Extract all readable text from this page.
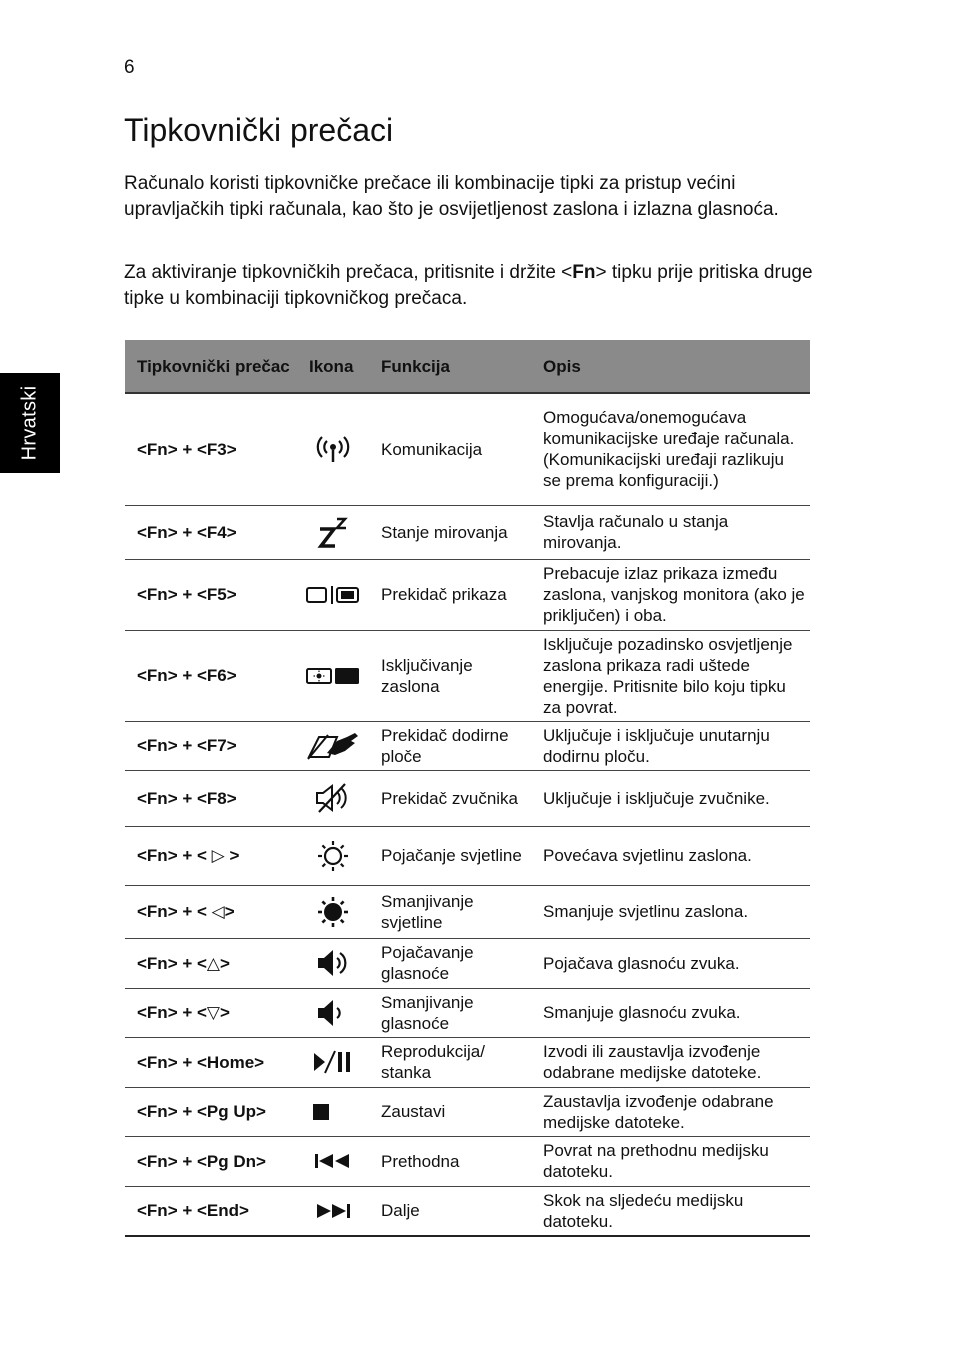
6
Hrvatski
Tipkovnički prečaci

Računalo koristi tipkovničke prečace ili kombinacije tipki za pristup većini upravljačkih tipki računala, kao što je osvijetljenost zaslona i izlazna glasnoća.

Za aktiviranje tipkovničkih prečaca, pritisnite i držite <Fn> tipku prije pritiska druge tipke u kombinaciji tipkovničkog prečaca.

Tipkovnički prečac	Ikona	Funkcija	Opis
<Fn> + <F3>		Komunikacija	Omogućava/onemogućava komunikacijske uređaje računala. (Komunikacijski uređaji razlikuju se prema konfiguraciji.)
<Fn> + <F4>		Stanje mirovanja	Stavlja računalo u stanja mirovanja.
<Fn> + <F5>		Prekidač prikaza	Prebacuje izlaz prikaza između zaslona, vanjskog monitora (ako je priključen) i oba.
<Fn> + <F6>		Isključivanje zaslona	Isključuje pozadinsko osvjetljenje zaslona prikaza radi uštede energije. Pritisnite bilo koju tipku za povrat.
<Fn> + <F7>		Prekidač dodirne ploče	Uključuje i isključuje unutarnju dodirnu ploču.
<Fn> + <F8>		Prekidač zvučnika	Uključuje i isključuje zvučnike.
<Fn> + < ▷ >		Pojačanje svjetline	Povećava svjetlinu zaslona.
<Fn> + < ◁>		Smanjivanje svjetline	Smanjuje svjetlinu zaslona.
<Fn> + <△>		Pojačavanje glasnoće	Pojačava glasnoću zvuka.
<Fn> + <▽>		Smanjivanje glasnoće	Smanjuje glasnoću zvuka.
<Fn> + <Home>		Reprodukcija/ stanka	Izvodi ili zaustavlja izvođenje odabrane medijske datoteke.
<Fn> + <Pg Up>		Zaustavi	Zaustavlja izvođenje odabrane medijske datoteke.
<Fn> + <Pg Dn>		Prethodna	Povrat na prethodnu medijsku datoteku.
<Fn> + <End>		Dalje	Skok na sljedeću medijsku datoteku.
